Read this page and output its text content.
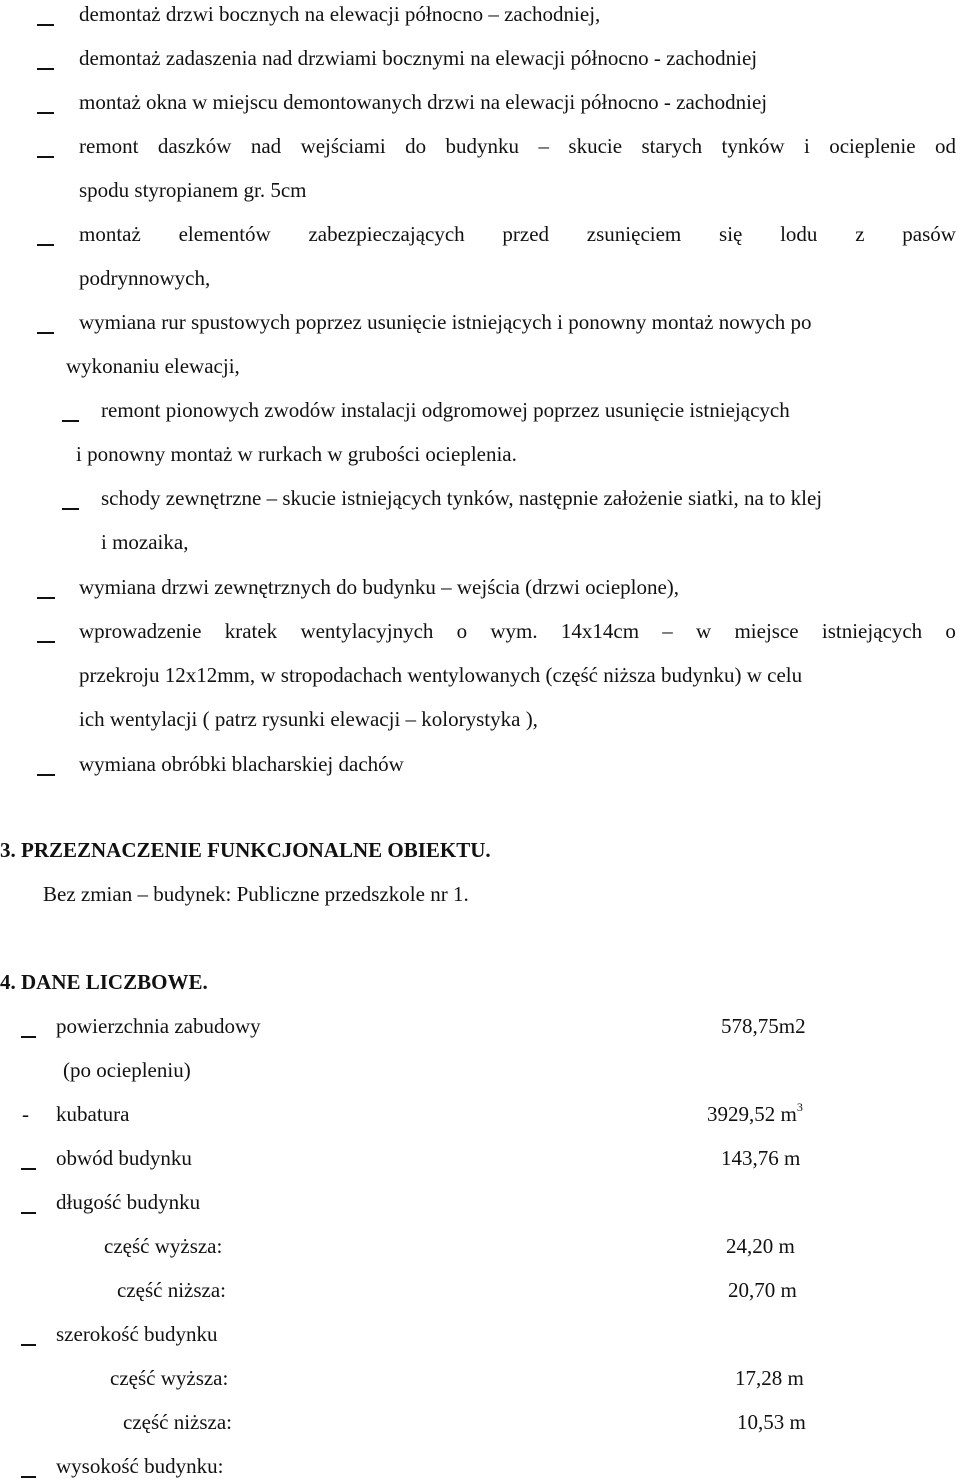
demontaż drzwi bocznych na elewacji północno – zachodniej,
demontaż zadaszenia nad drzwiami bocznymi na elewacji północno - zachodniej
montaż okna w miejscu demontowanych drzwi na elewacji północno - zachodniej
remont daszków nad wejściami do budynku – skucie starych tynków i ocieplenie od
spodu styropianem gr. 5cm
montaż elementów zabezpieczających przed zsunięciem się lodu z pasów
podrynnowych,
wymiana rur spustowych poprzez usunięcie istniejących i ponowny montaż nowych po
wykonaniu elewacji,
remont pionowych zwodów instalacji odgromowej poprzez usunięcie istniejących
i ponowny montaż w rurkach w grubości ocieplenia.
schody zewnętrzne – skucie istniejących tynków, następnie założenie siatki, na to klej
i mozaika,
wymiana drzwi zewnętrznych do budynku – wejścia (drzwi ocieplone),
wprowadzenie kratek wentylacyjnych o wym. 14x14cm – w miejsce istniejących o
przekroju 12x12mm, w stropodachach wentylowanych (część niższa budynku) w celu
ich wentylacji ( patrz rysunki elewacji – kolorystyka ),
wymiana obróbki blacharskiej dachów
3. PRZEZNACZENIE FUNKCJONALNE OBIEKTU.
Bez zmian – budynek: Publiczne przedszkole nr 1.
4. DANE LICZBOWE.
powierzchnia zabudowy	578,75m2
(po ociepleniu)
- kubatura	3929,52 $m^3$
obwód budynku	143,76 m
długość budynku
część wyższa:	24,20 m
część niższa:	20,70 m
szerokość budynku
część wyższa:	17,28 m
część niższa:	10,53 m
wysokość budynku:
